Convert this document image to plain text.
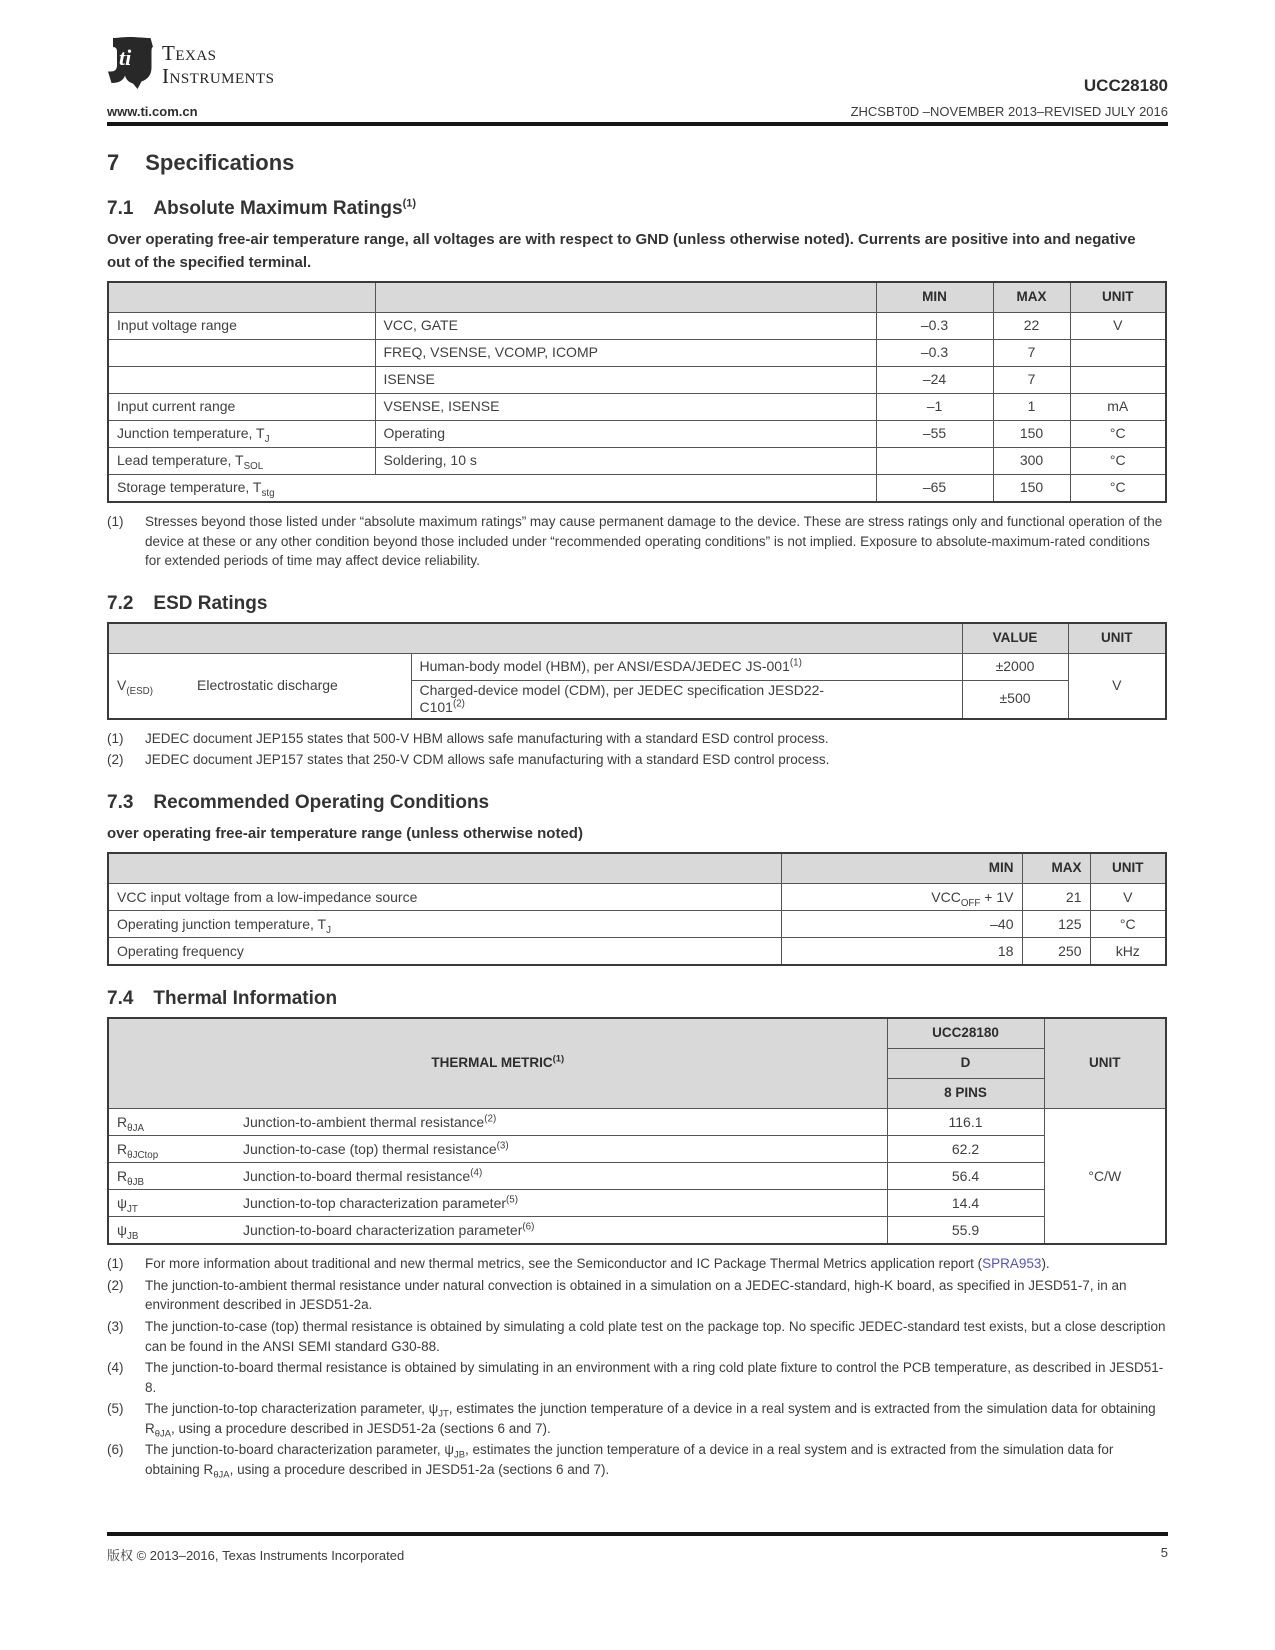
ti TEXAS
INSTRUMENTS	UCC28180
www.ti.com.cn	ZHCSBT0D –NOVEMBER 2013–REVISED JULY 2016
7 Specifications
7.1 Absolute Maximum Ratings$^{(1)}$
Over operating free-air temperature range, all voltages are with respect to GND (unless otherwise noted). Currents are positive into and negative out of the specified terminal.
		MIN	MAX	UNIT
Input voltage range	VCC, GATE	–0.3	22	V
	FREQ, VSENSE, VCOMP, ICOMP	–0.3	7	
	ISENSE	–24	7	
Input current range	VSENSE, ISENSE	–1	1	mA
Junction temperature, $T_J$	Operating	–55	150	°C
Lead temperature, $T_{SOL}$	Soldering, 10 s		300	°C
Storage temperature, $T_{stg}$		–65	150	°C
(1)	Stresses beyond those listed under “absolute maximum ratings” may cause permanent damage to the device. These are stress ratings only and functional operation of the device at these or any other condition beyond those included under “recommended operating conditions” is not implied. Exposure to absolute-maximum-rated conditions for extended periods of time may affect device reliability.
7.2 ESD Ratings
		VALUE	UNIT
$V_{(ESD)}$ Electrostatic discharge	Human-body model (HBM), per ANSI/ESDA/JEDEC $JS-001^{(1)}$	±2000	V
	Charged-device model (CDM), per JEDEC specification JESD22-
$C101^{(2)}$	±500	
(1)	JEDEC document JEP155 states that 500-V HBM allows safe manufacturing with a standard ESD control process.
(2)	JEDEC document JEP157 states that 250-V CDM allows safe manufacturing with a standard ESD control process.
7.3 Recommended Operating Conditions
over operating free-air temperature range (unless otherwise noted)
	MIN	MAX	UNIT
VCC input voltage from a low-impedance source	$VCC_{OFF} + 1V$	21	V
Operating junction temperature, $T_J$	–40	125	°C
Operating frequency	18	250	kHz
7.4 Thermal Information
THERMAL METRIC$^{(1)}$	UCC28180	UNIT
	D	
	8 PINS	
$R_{\theta JA}$ Junction-to-ambient thermal resistance$^{(2)}$	116.1	°C/W
$R_{\theta JCtop}$ Junction-to-case (top) thermal resistance$^{(3)}$	62.2	
$R_{\theta JB}$ Junction-to-board thermal resistance$^{(4)}$	56.4	
$\psi_{JT}$ Junction-to-top characterization parameter$^{(5)}$	14.4	
$\psi_{JB}$ Junction-to-board characterization parameter$^{(6)}$	55.9	
(1)	For more information about traditional and new thermal metrics, see the Semiconductor and IC Package Thermal Metrics application report (SPRA953).
(2)	The junction-to-ambient thermal resistance under natural convection is obtained in a simulation on a JEDEC-standard, high-K board, as specified in JESD51-7, in an environment described in JESD51-2a.
(3)	The junction-to-case (top) thermal resistance is obtained by simulating a cold plate test on the package top. No specific JEDEC-standard test exists, but a close description can be found in the ANSI SEMI standard G30-88.
(4)	The junction-to-board thermal resistance is obtained by simulating in an environment with a ring cold plate fixture to control the PCB temperature, as described in JESD51-8.
(5)	The junction-to-top characterization parameter, $\psi_{JT}$, estimates the junction temperature of a device in a real system and is extracted from the simulation data for obtaining $R_{\theta JA}$, using a procedure described in JESD51-2a (sections 6 and 7).
(6)	The junction-to-board characterization parameter, $\psi_{JB}$, estimates the junction temperature of a device in a real system and is extracted from the simulation data for obtaining $R_{\theta JA}$, using a procedure described in JESD51-2a (sections 6 and 7).
版权 © 2013–2016, Texas Instruments Incorporated	5
